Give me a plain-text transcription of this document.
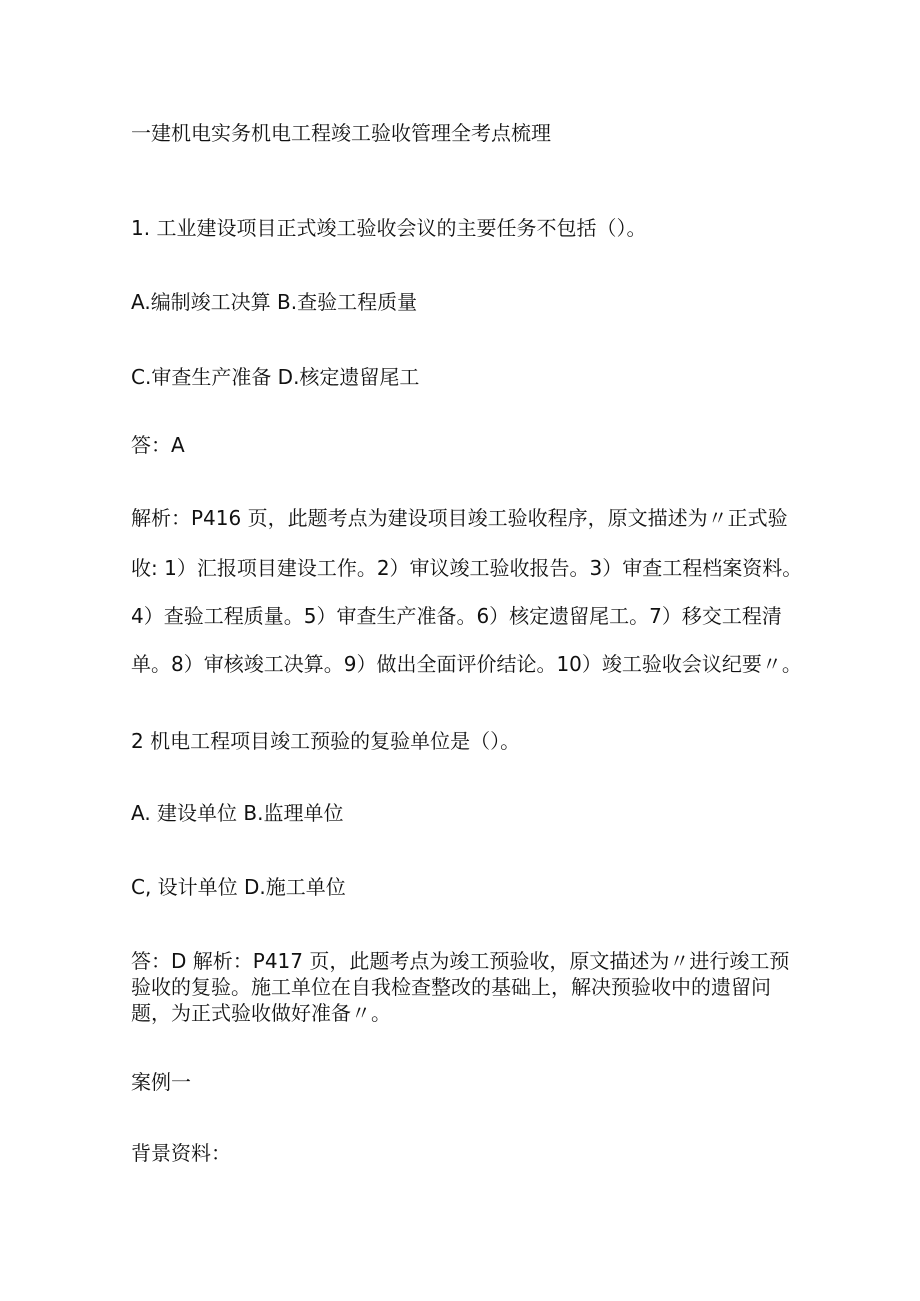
一建机电实务机电工程竣工验收管理全考点梳理
1. 工业建设项目正式竣工验收会议的主要任务不包括（）。
A.编制竣工决算 B.查验工程质量
C.审查生产准备 D.核定遗留尾工
答：A
解析：P416 页，此题考点为建设项目竣工验收程序，原文描述为〃正式验
收: 1）汇报项目建设工作。2）审议竣工验收报告。3）审查工程档案资料。
4）查验工程质量。5）审查生产准备。6）核定遗留尾工。7）移交工程清
单。8）审核竣工决算。9）做出全面评价结论。10）竣工验收会议纪要〃。
2 机电工程项目竣工预验的复验单位是（）。
A. 建设单位 B.监理单位
C, 设计单位 D.施工单位
答：D 解析：P417 页，此题考点为竣工预验收，原文描述为〃进行竣工预
验收的复验。施工单位在自我检查整改的基础上，解决预验收中的遗留问
题，为正式验收做好准备〃。
案例一
背景资料：
